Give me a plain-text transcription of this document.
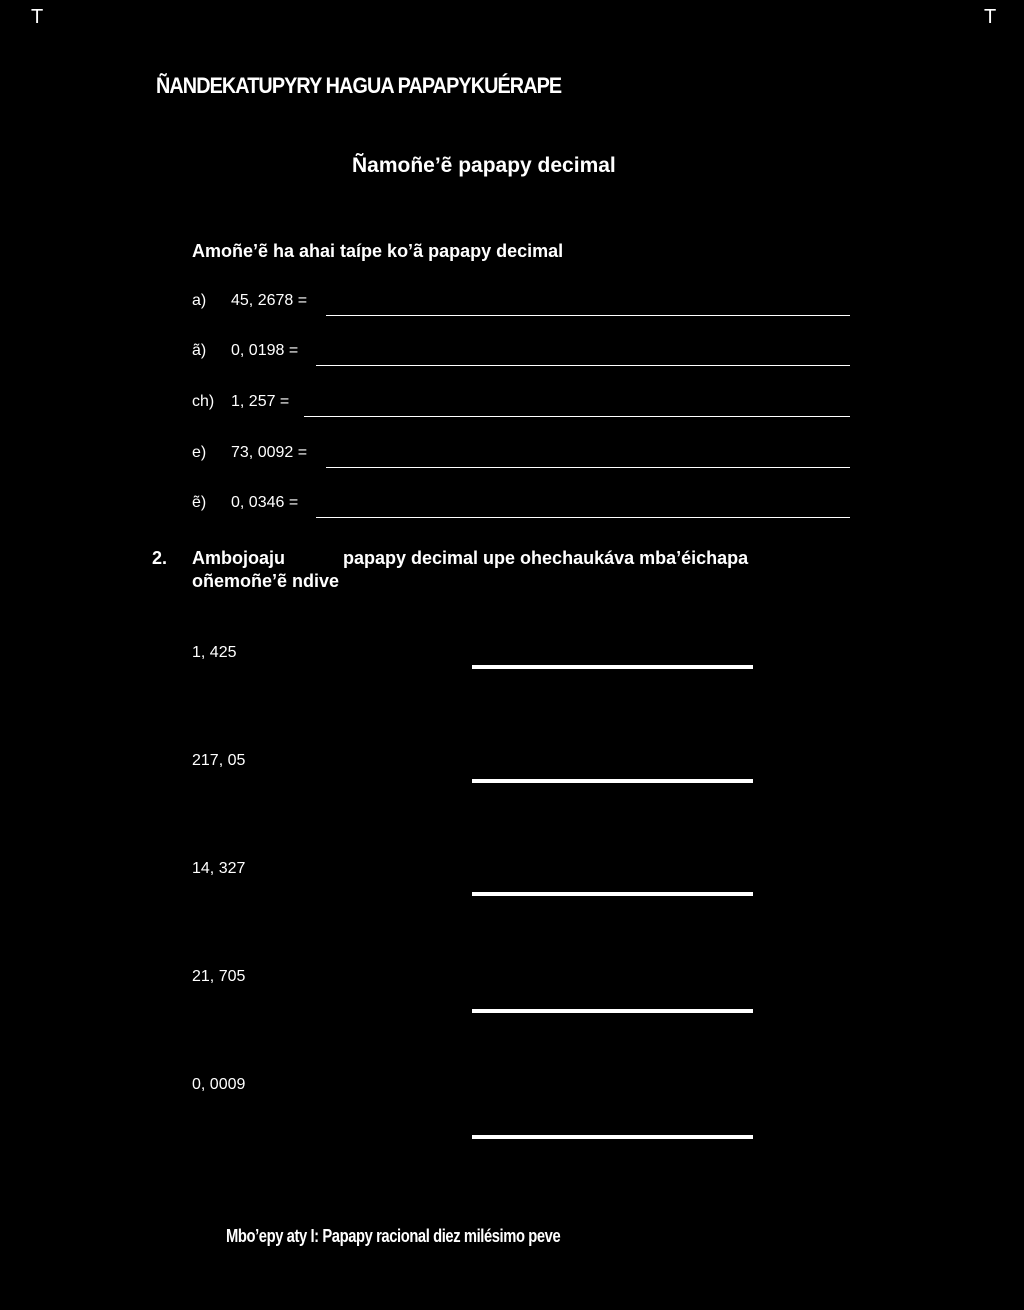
T	T
ÑANDEKATUPYRY HAGUA PAPAPYKUÉRAPE
Ñamoñe’ẽ papapy decimal
Amoñe’ẽ ha ahai taípe ko’ã papapy decimal
a) 45, 2678 =
ã) 0, 0198 =
ch) 1, 257 =
e) 73, 0092 =
ẽ) 0, 0346 =
2. Ambojoaju	papapy decimal upe ohechaukáva mba’éichapa oñemoñe’ẽ ndive
1, 425
217, 05
14, 327
21, 705
0, 0009
Mbo’epy aty I: Papapy racional diez milésimo peve
